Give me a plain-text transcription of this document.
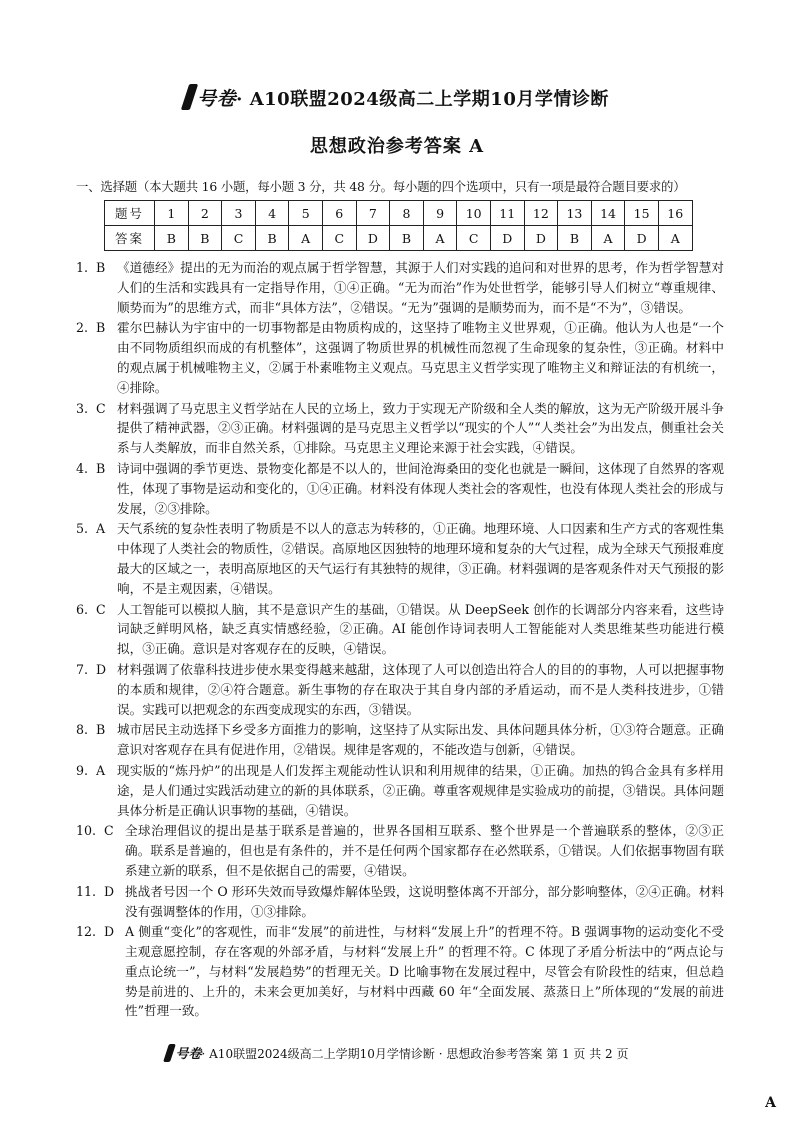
号卷· A10联盟2024级高二上学期10月学情诊断
思想政治参考答案 A
一、选择题（本大题共 16 小题，每小题 3 分，共 48 分。每小题的四个选项中，只有一项是最符合题目要求的）
题号	1	2	3	4	5	6	7	8	9	10	11	12	13	14	15	16
答案	B	B	C	B	A	C	D	B	A	C	D	D	B	A	D	A
1. B 《道德经》提出的无为而治的观点属于哲学智慧，其源于人们对实践的追问和对世界的思考，作为哲学智慧对人们的生活和实践具有一定指导作用，①④正确。“无为而治”作为处世哲学，能够引导人们树立“尊重规律、顺势而为”的思维方式，而非“具体方法”，②错误。“无为”强调的是顺势而为，而不是“不为”，③错误。
2. B 霍尔巴赫认为宇宙中的一切事物都是由物质构成的，这坚持了唯物主义世界观，①正确。他认为人也是“一个由不同物质组织而成的有机整体”，这强调了物质世界的机械性而忽视了生命现象的复杂性，③正确。材料中的观点属于机械唯物主义，②属于朴素唯物主义观点。马克思主义哲学实现了唯物主义和辩证法的有机统一，④排除。
3. C 材料强调了马克思主义哲学站在人民的立场上，致力于实现无产阶级和全人类的解放，这为无产阶级开展斗争提供了精神武器，②③正确。材料强调的是马克思主义哲学以“现实的个人”“人类社会”为出发点，侧重社会关系与人类解放，而非自然关系，①排除。马克思主义理论来源于社会实践，④错误。
4. B 诗词中强调的季节更迭、景物变化都是不以人的，世间沧海桑田的变化也就是一瞬间，这体现了自然界的客观性，体现了事物是运动和变化的，①④正确。材料没有体现人类社会的客观性，也没有体现人类社会的形成与发展，②③排除。
5. A 天气系统的复杂性表明了物质是不以人的意志为转移的，①正确。地理环境、人口因素和生产方式的客观性集中体现了人类社会的物质性，②错误。高原地区因独特的地理环境和复杂的大气过程，成为全球天气预报难度最大的区域之一，表明高原地区的天气运行有其独特的规律，③正确。材料强调的是客观条件对天气预报的影响，不是主观因素，④错误。
6. C 人工智能可以模拟人脑，其不是意识产生的基础，①错误。从 DeepSeek 创作的长调部分内容来看，这些诗词缺乏鲜明风格，缺乏真实情感经验，②正确。AI 能创作诗词表明人工智能能对人类思维某些功能进行模拟，③正确。意识是对客观存在的反映，④错误。
7. D 材料强调了依靠科技进步使水果变得越来越甜，这体现了人可以创造出符合人的目的的事物，人可以把握事物的本质和规律，②④符合题意。新生事物的存在取决于其自身内部的矛盾运动，而不是人类科技进步，①错误。实践可以把观念的东西变成现实的东西，③错误。
8. B 城市居民主动选择下乡受多方面推力的影响，这坚持了从实际出发、具体问题具体分析，①③符合题意。正确意识对客观存在具有促进作用，②错误。规律是客观的，不能改造与创新，④错误。
9. A 现实版的“炼丹炉”的出现是人们发挥主观能动性认识和利用规律的结果，①正确。加热的钨合金具有多样用途，是人们通过实践活动建立的新的具体联系，②正确。尊重客观规律是实验成功的前提，③错误。具体问题具体分析是正确认识事物的基础，④错误。
10. C 全球治理倡议的提出是基于联系是普遍的，世界各国相互联系、整个世界是一个普遍联系的整体，②③正确。联系是普遍的，但也是有条件的，并不是任何两个国家都存在必然联系，①错误。人们依据事物固有联系建立新的联系，但不是依据自己的需要，④错误。
11. D 挑战者号因一个 O 形环失效而导致爆炸解体坠毁，这说明整体离不开部分，部分影响整体，②④正确。材料没有强调整体的作用，①③排除。
12. D A 侧重“变化”的客观性，而非“发展”的前进性，与材料“发展上升”的哲理不符。B 强调事物的运动变化不受主观意愿控制，存在客观的外部矛盾，与材料“发展上升” 的哲理不符。C 体现了矛盾分析法中的“两点论与重点论统一”，与材料“发展趋势”的哲理无关。D 比喻事物在发展过程中，尽管会有阶段性的结束，但总趋势是前进的、上升的，未来会更加美好，与材料中西藏 60 年“全面发展、蒸蒸日上”所体现的“发展的前进性”哲理一致。
号卷· A10联盟2024级高二上学期10月学情诊断 · 思想政治参考答案 第 1 页 共 2 页
A
